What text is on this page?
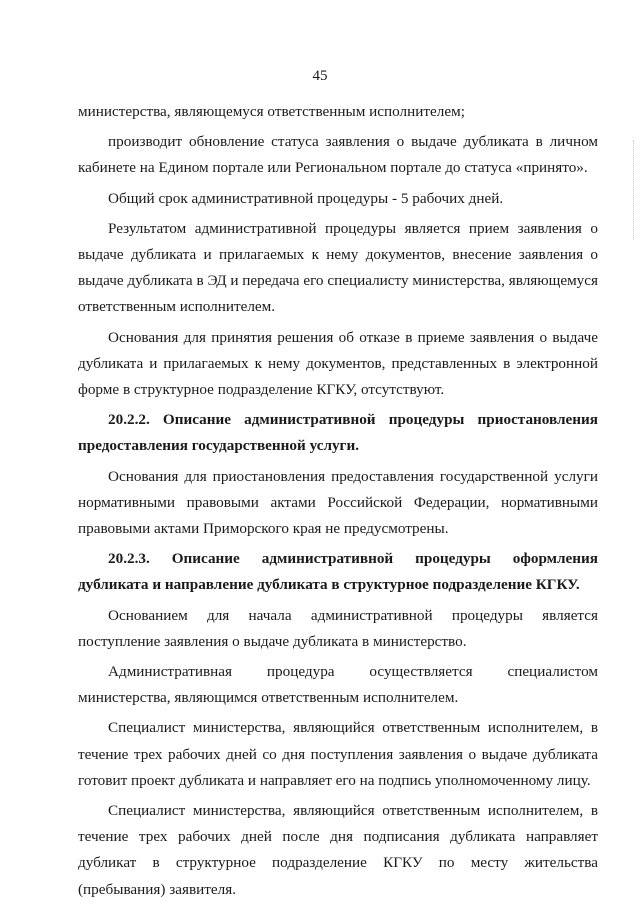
45

министерства, являющемуся ответственным исполнителем;

производит обновление статуса заявления о выдаче дубликата в личном кабинете на Едином портале или Региональном портале до статуса «принято».

Общий срок административной процедуры - 5 рабочих дней.

Результатом административной процедуры является прием заявления о выдаче дубликата и прилагаемых к нему документов, внесение заявления о выдаче дубликата в ЭД и передача его специалисту министерства, являющемуся ответственным исполнителем.

Основания для принятия решения об отказе в приеме заявления о выдаче дубликата и прилагаемых к нему документов, представленных в электронной форме в структурное подразделение КГКУ, отсутствуют.

20.2.2. Описание административной процедуры приостановления предоставления государственной услуги.

Основания для приостановления предоставления государственной услуги нормативными правовыми актами Российской Федерации, нормативными правовыми актами Приморского края не предусмотрены.

20.2.3. Описание административной процедуры оформления дубликата и направление дубликата в структурное подразделение КГКУ.

Основанием для начала административной процедуры является поступление заявления о выдаче дубликата в министерство.

Административная процедура осуществляется специалистом министерства, являющимся ответственным исполнителем.

Специалист министерства, являющийся ответственным исполнителем, в течение трех рабочих дней со дня поступления заявления о выдаче дубликата готовит проект дубликата и направляет его на подпись уполномоченному лицу.

Специалист министерства, являющийся ответственным исполнителем, в течение трех рабочих дней после дня подписания дубликата направляет дубликат в структурное подразделение КГКУ по месту жительства (пребывания) заявителя.
